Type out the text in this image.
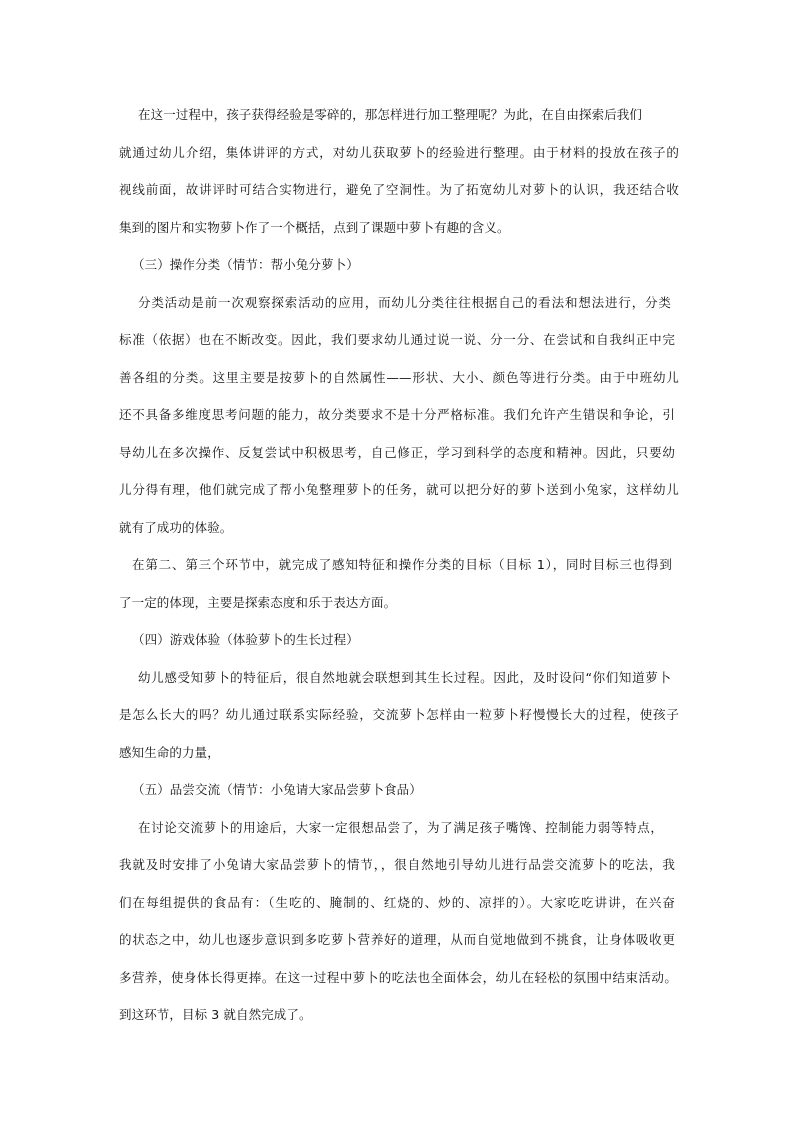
在这一过程中，孩子获得经验是零碎的，那怎样进行加工整理呢？为此，在自由探索后我们
就通过幼儿介绍，集体讲评的方式，对幼儿获取萝卜的经验进行整理。由于材料的投放在孩子的
视线前面，故讲评时可结合实物进行，避免了空洞性。为了拓宽幼儿对萝卜的认识，我还结合收
集到的图片和实物萝卜作了一个概括，点到了课题中萝卜有趣的含义。
（三）操作分类（情节：帮小兔分萝卜）
分类活动是前一次观察探索活动的应用，而幼儿分类往往根据自己的看法和想法进行，分类
标准（依据）也在不断改变。因此，我们要求幼儿通过说一说、分一分、在尝试和自我纠正中完
善各组的分类。这里主要是按萝卜的自然属性——形状、大小、颜色等进行分类。由于中班幼儿
还不具备多维度思考问题的能力，故分类要求不是十分严格标准。我们允许产生错误和争论，引
导幼儿在多次操作、反复尝试中积极思考，自己修正，学习到科学的态度和精神。因此，只要幼
儿分得有理，他们就完成了帮小兔整理萝卜的任务，就可以把分好的萝卜送到小兔家，这样幼儿
就有了成功的体验。
在第二、第三个环节中，就完成了感知特征和操作分类的目标（目标 1），同时目标三也得到
了一定的体现，主要是探索态度和乐于表达方面。
（四）游戏体验（体验萝卜的生长过程）
幼儿感受知萝卜的特征后，很自然地就会联想到其生长过程。因此，及时设问“你们知道萝卜
是怎么长大的吗？幼儿通过联系实际经验，交流萝卜怎样由一粒萝卜籽慢慢长大的过程，使孩子
感知生命的力量，
（五）品尝交流（情节：小兔请大家品尝萝卜食品）
在讨论交流萝卜的用途后，大家一定很想品尝了，为了满足孩子嘴馋、控制能力弱等特点，
我就及时安排了小兔请大家品尝萝卜的情节，，很自然地引导幼儿进行品尝交流萝卜的吃法，我
们在每组提供的食品有：（生吃的、腌制的、红烧的、炒的、凉拌的）。大家吃吃讲讲，在兴奋
的状态之中，幼儿也逐步意识到多吃萝卜营养好的道理，从而自觉地做到不挑食，让身体吸收更
多营养，使身体长得更捧。在这一过程中萝卜的吃法也全面体会，幼儿在轻松的氛围中结束活动。
到这环节，目标 3 就自然完成了。
